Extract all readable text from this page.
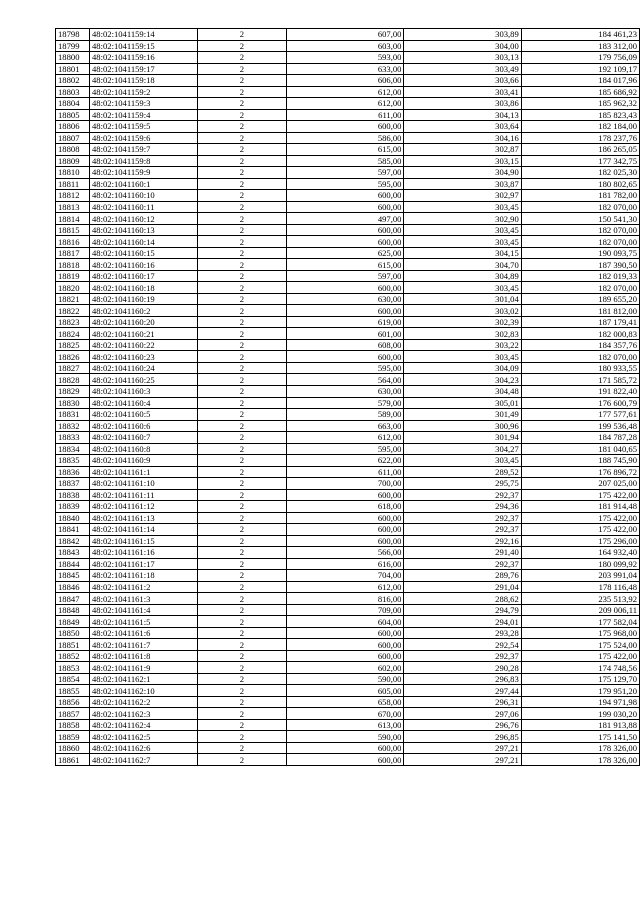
18798	48:02:1041159:14	2	607,00	303,89	184 461,23
18799	48:02:1041159:15	2	603,00	304,00	183 312,00
18800	48:02:1041159:16	2	593,00	303,13	179 756,09
18801	48:02:1041159:17	2	633,00	303,49	192 109,17
18802	48:02:1041159:18	2	606,00	303,66	184 017,96
18803	48:02:1041159:2	2	612,00	303,41	185 686,92
18804	48:02:1041159:3	2	612,00	303,86	185 962,32
18805	48:02:1041159:4	2	611,00	304,13	185 823,43
18806	48:02:1041159:5	2	600,00	303,64	182 184,00
18807	48:02:1041159:6	2	586,00	304,16	178 237,76
18808	48:02:1041159:7	2	615,00	302,87	186 265,05
18809	48:02:1041159:8	2	585,00	303,15	177 342,75
18810	48:02:1041159:9	2	597,00	304,90	182 025,30
18811	48:02:1041160:1	2	595,00	303,87	180 802,65
18812	48:02:1041160:10	2	600,00	302,97	181 782,00
18813	48:02:1041160:11	2	600,00	303,45	182 070,00
18814	48:02:1041160:12	2	497,00	302,90	150 541,30
18815	48:02:1041160:13	2	600,00	303,45	182 070,00
18816	48:02:1041160:14	2	600,00	303,45	182 070,00
18817	48:02:1041160:15	2	625,00	304,15	190 093,75
18818	48:02:1041160:16	2	615,00	304,70	187 390,50
18819	48:02:1041160:17	2	597,00	304,89	182 019,33
18820	48:02:1041160:18	2	600,00	303,45	182 070,00
18821	48:02:1041160:19	2	630,00	301,04	189 655,20
18822	48:02:1041160:2	2	600,00	303,02	181 812,00
18823	48:02:1041160:20	2	619,00	302,39	187 179,41
18824	48:02:1041160:21	2	601,00	302,83	182 000,83
18825	48:02:1041160:22	2	608,00	303,22	184 357,76
18826	48:02:1041160:23	2	600,00	303,45	182 070,00
18827	48:02:1041160:24	2	595,00	304,09	180 933,55
18828	48:02:1041160:25	2	564,00	304,23	171 585,72
18829	48:02:1041160:3	2	630,00	304,48	191 822,40
18830	48:02:1041160:4	2	579,00	305,01	176 600,79
18831	48:02:1041160:5	2	589,00	301,49	177 577,61
18832	48:02:1041160:6	2	663,00	300,96	199 536,48
18833	48:02:1041160:7	2	612,00	301,94	184 787,28
18834	48:02:1041160:8	2	595,00	304,27	181 040,65
18835	48:02:1041160:9	2	622,00	303,45	188 745,90
18836	48:02:1041161:1	2	611,00	289,52	176 896,72
18837	48:02:1041161:10	2	700,00	295,75	207 025,00
18838	48:02:1041161:11	2	600,00	292,37	175 422,00
18839	48:02:1041161:12	2	618,00	294,36	181 914,48
18840	48:02:1041161:13	2	600,00	292,37	175 422,00
18841	48:02:1041161:14	2	600,00	292,37	175 422,00
18842	48:02:1041161:15	2	600,00	292,16	175 296,00
18843	48:02:1041161:16	2	566,00	291,40	164 932,40
18844	48:02:1041161:17	2	616,00	292,37	180 099,92
18845	48:02:1041161:18	2	704,00	289,76	203 991,04
18846	48:02:1041161:2	2	612,00	291,04	178 116,48
18847	48:02:1041161:3	2	816,00	288,62	235 513,92
18848	48:02:1041161:4	2	709,00	294,79	209 006,11
18849	48:02:1041161:5	2	604,00	294,01	177 582,04
18850	48:02:1041161:6	2	600,00	293,28	175 968,00
18851	48:02:1041161:7	2	600,00	292,54	175 524,00
18852	48:02:1041161:8	2	600,00	292,37	175 422,00
18853	48:02:1041161:9	2	602,00	290,28	174 748,56
18854	48:02:1041162:1	2	590,00	296,83	175 129,70
18855	48:02:1041162:10	2	605,00	297,44	179 951,20
18856	48:02:1041162:2	2	658,00	296,31	194 971,98
18857	48:02:1041162:3	2	670,00	297,06	199 030,20
18858	48:02:1041162:4	2	613,00	296,76	181 913,88
18859	48:02:1041162:5	2	590,00	296,85	175 141,50
18860	48:02:1041162:6	2	600,00	297,21	178 326,00
18861	48:02:1041162:7	2	600,00	297,21	178 326,00
